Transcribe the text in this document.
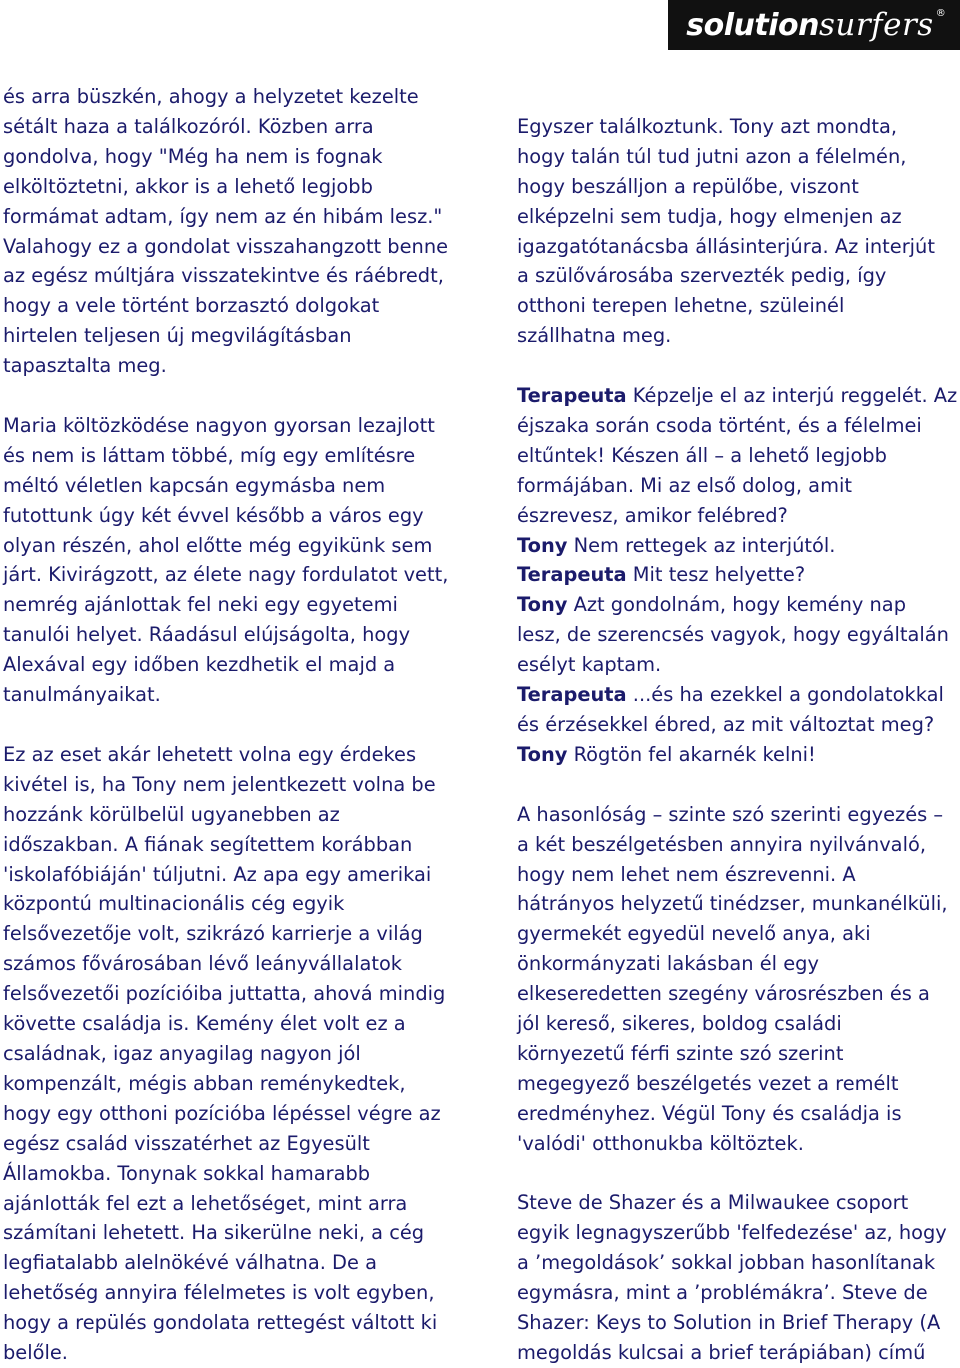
solution surfers ®
és arra büszkén, ahogy a helyzetet kezelte
sétált haza a találkozóról. Közben arra
gondolva, hogy "Még ha nem is fognak
elköltöztetni, akkor is a lehető legjobb
formámat adtam, így nem az én hibám lesz."
Valahogy ez a gondolat visszahangzott benne
az egész múltjára visszatekintve és ráébredt,
hogy a vele történt borzasztó dolgokat
hirtelen teljesen új megvilágításban
tapasztalta meg.
Maria költözködése nagyon gyorsan lezajlott
és nem is láttam többé, míg egy említésre
méltó véletlen kapcsán egymásba nem
futottunk úgy két évvel később a város egy
olyan részén, ahol előtte még egyikünk sem
járt. Kivirágzott, az élete nagy fordulatot vett,
nemrég ajánlottak fel neki egy egyetemi
tanulói helyet. Ráadásul elújságolta, hogy
Alexával egy időben kezdhetik el majd a
tanulmányaikat.
Ez az eset akár lehetett volna egy érdekes
kivétel is, ha Tony nem jelentkezett volna be
hozzánk körülbelül ugyanebben az
időszakban. A fiának segítettem korábban
'iskolafóbiáján' túljutni. Az apa egy amerikai
központú multinacionális cég egyik
felsővezetője volt, szikrázó karrierje a világ
számos fővárosában lévő leányvállalatok
felsővezetői pozícióiba juttatta, ahová mindig
követte családja is. Kemény élet volt ez a
családnak, igaz anyagilag nagyon jól
kompenzált, mégis abban reménykedtek,
hogy egy otthoni pozícióba lépéssel végre az
egész család visszatérhet az Egyesült
Államokba. Tonynak sokkal hamarabb
ajánlották fel ezt a lehetőséget, mint arra
számítani lehetett. Ha sikerülne neki, a cég
legfiatalabb alelnökévé válhatna. De a
lehetőség annyira félelmetes is volt egyben,
hogy a repülés gondolata rettegést váltott ki
belőle.
Egyszer találkoztunk. Tony azt mondta,
hogy talán túl tud jutni azon a félelmén,
hogy beszálljon a repülőbe, viszont
elképzelni sem tudja, hogy elmenjen az
igazgatótanácsba állásinterjúra. Az interjút
a szülővárosába szervezték pedig, így
otthoni terepen lehetne, szüleinél
szállhatna meg.
Terapeuta Képzelje el az interjú reggelét. Az
éjszaka során csoda történt, és a félelmei
eltűntek! Készen áll – a lehető legjobb
formájában. Mi az első dolog, amit
észrevesz, amikor felébred?
Tony Nem rettegek az interjútól.
Terapeuta Mit tesz helyette?
Tony Azt gondolnám, hogy kemény nap
lesz, de szerencsés vagyok, hogy egyáltalán
esélyt kaptam.
Terapeuta ...és ha ezekkel a gondolatokkal
és érzésekkel ébred, az mit változtat meg?
Tony Rögtön fel akarnék kelni!
A hasonlóság – szinte szó szerinti egyezés –
a két beszélgetésben annyira nyilvánvaló,
hogy nem lehet nem észrevenni. A
hátrányos helyzetű tinédzser, munkanélküli,
gyermekét egyedül nevelő anya, aki
önkormányzati lakásban él egy
elkeseredetten szegény városrészben és a
jól kereső, sikeres, boldog családi
környezetű férfi szinte szó szerint
megegyező beszélgetés vezet a remélt
eredményhez. Végül Tony és családja is
'valódi' otthonukba költöztek.
Steve de Shazer és a Milwaukee csoport
egyik legnagyszerűbb 'felfedezése' az, hogy
a ’megoldások’ sokkal jobban hasonlítanak
egymásra, mint a ’problémákra’. Steve de
Shazer: Keys to Solution in Brief Therapy (A
megoldás kulcsai a brief terápiában) című
